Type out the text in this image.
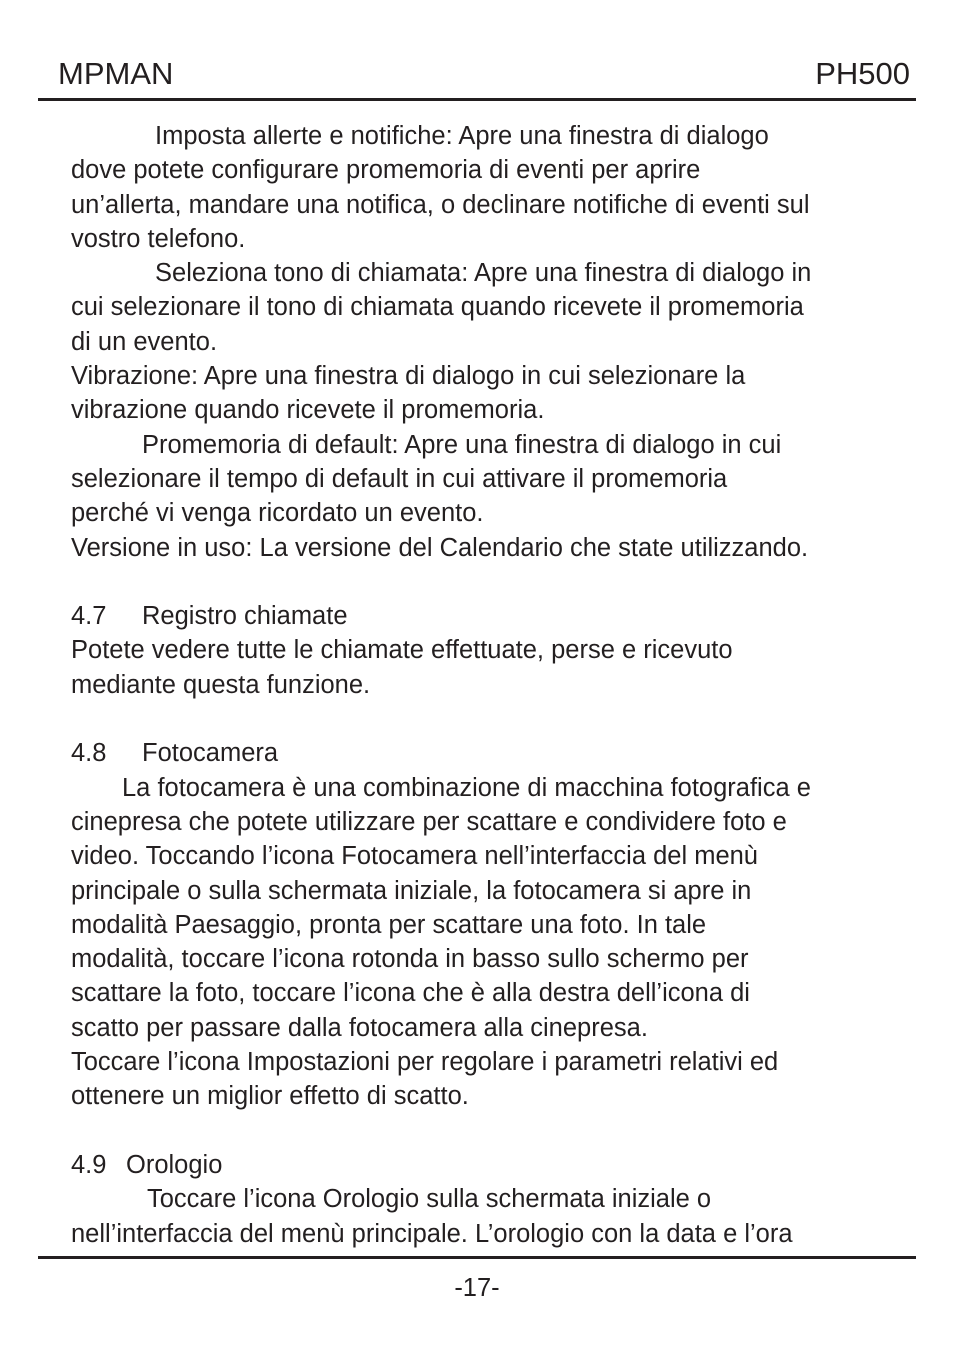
MPMAN	PH500

Imposta allerte e notifiche: Apre una finestra di dialogo

dove potete configurare promemoria di eventi per aprire

un’allerta, mandare una notifica, o declinare notifiche di eventi sul

vostro telefono.

Seleziona tono di chiamata: Apre una finestra di dialogo in

cui selezionare il tono di chiamata quando ricevete il promemoria

di un evento.

Vibrazione: Apre una finestra di dialogo in cui selezionare la

vibrazione quando ricevete il promemoria.

Promemoria di default: Apre una finestra di dialogo in cui

selezionare il tempo di default in cui attivare il promemoria

perché vi venga ricordato un evento.

Versione in uso: La versione del Calendario che state utilizzando.

4.7 Registro chiamate

Potete vedere tutte le chiamate effettuate, perse e ricevuto

mediante questa funzione.

4.8 Fotocamera

La fotocamera è una combinazione di macchina fotografica e

cinepresa che potete utilizzare per scattare e condividere foto e

video. Toccando l’icona Fotocamera nell’interfaccia del menù

principale o sulla schermata iniziale, la fotocamera si apre in

modalità Paesaggio, pronta per scattare una foto. In tale

modalità, toccare l’icona rotonda in basso sullo schermo per

scattare la foto, toccare l’icona che è alla destra dell’icona di

scatto per passare dalla fotocamera alla cinepresa.

Toccare l’icona Impostazioni per regolare i parametri relativi ed

ottenere un miglior effetto di scatto.

4.9 Orologio

Toccare l’icona Orologio sulla schermata iniziale o

nell’interfaccia del menù principale. L’orologio con la data e l’ora

-17-
